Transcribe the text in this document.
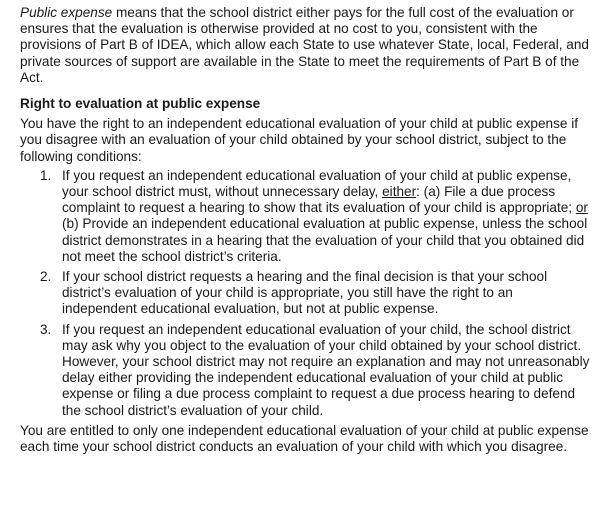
Public expense means that the school district either pays for the full cost of the evaluation or ensures that the evaluation is otherwise provided at no cost to you, consistent with the provisions of Part B of IDEA, which allow each State to use whatever State, local, Federal, and private sources of support are available in the State to meet the requirements of Part B of the Act.

Right to evaluation at public expense

You have the right to an independent educational evaluation of your child at public expense if you disagree with an evaluation of your child obtained by your school district, subject to the following conditions:

1. If you request an independent educational evaluation of your child at public expense, your school district must, without unnecessary delay, either: (a) File a due process complaint to request a hearing to show that its evaluation of your child is appropriate; or (b) Provide an independent educational evaluation at public expense, unless the school district demonstrates in a hearing that the evaluation of your child that you obtained did not meet the school district’s criteria.
2. If your school district requests a hearing and the final decision is that your school district’s evaluation of your child is appropriate, you still have the right to an independent educational evaluation, but not at public expense.
3. If you request an independent educational evaluation of your child, the school district may ask why you object to the evaluation of your child obtained by your school district. However, your school district may not require an explanation and may not unreasonably delay either providing the independent educational evaluation of your child at public expense or filing a due process complaint to request a due process hearing to defend the school district’s evaluation of your child.

You are entitled to only one independent educational evaluation of your child at public expense each time your school district conducts an evaluation of your child with which you disagree.
